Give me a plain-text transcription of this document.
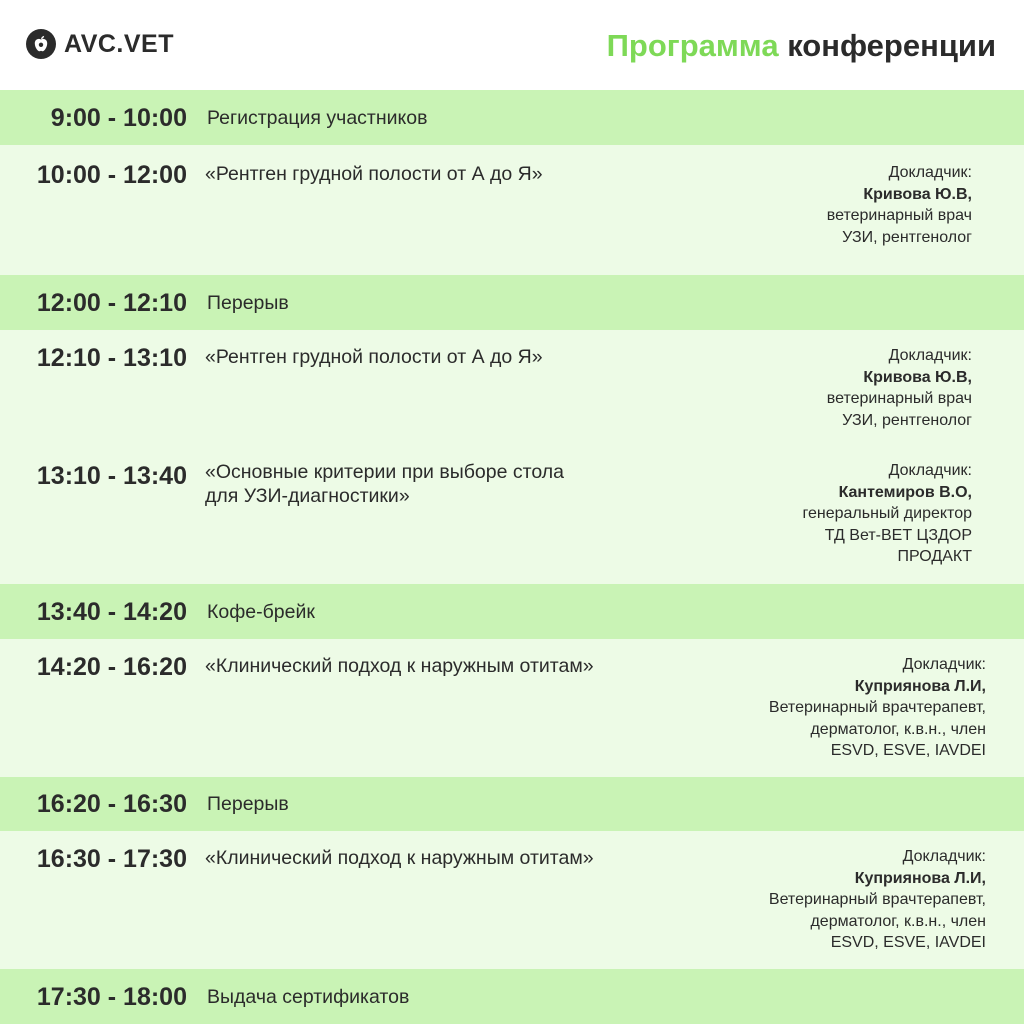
AVC.VET	Программа конференции
9:00 - 10:00 Регистрация участников
10:00 - 12:00 «Рентген грудной полости от А до Я»	Докладчик:
Кривова Ю.В,
ветеринарный врач
УЗИ, рентгенолог
12:00 - 12:10 Перерыв
12:10 - 13:10 «Рентген грудной полости от А до Я»	Докладчик:
Кривова Ю.В,
ветеринарный врач
УЗИ, рентгенолог
13:10 - 13:40 «Основные критерии при выборе стола
для УЗИ-диагностики»
Докладчик:
Кантемиров В.О,
генеральный директор
ТД Вет-ВЕТ ЦЗДОР
ПРОДАКТ
13:40 - 14:20 Кофе-брейк
14:20 - 16:20 «Клинический подход к наружным отитам»	Докладчик:
Куприянова Л.И,
Ветеринарный врачтерапевт,
дерматолог, к.в.н., член
ESVD, ESVE, IAVDEI
16:20 - 16:30 Перерыв
16:30 - 17:30 «Клинический подход к наружным отитам»	Докладчик:
Куприянова Л.И,
Ветеринарный врачтерапевт,
дерматолог, к.в.н., член
ESVD, ESVE, IAVDEI
17:30 - 18:00 Выдача сертификатов
